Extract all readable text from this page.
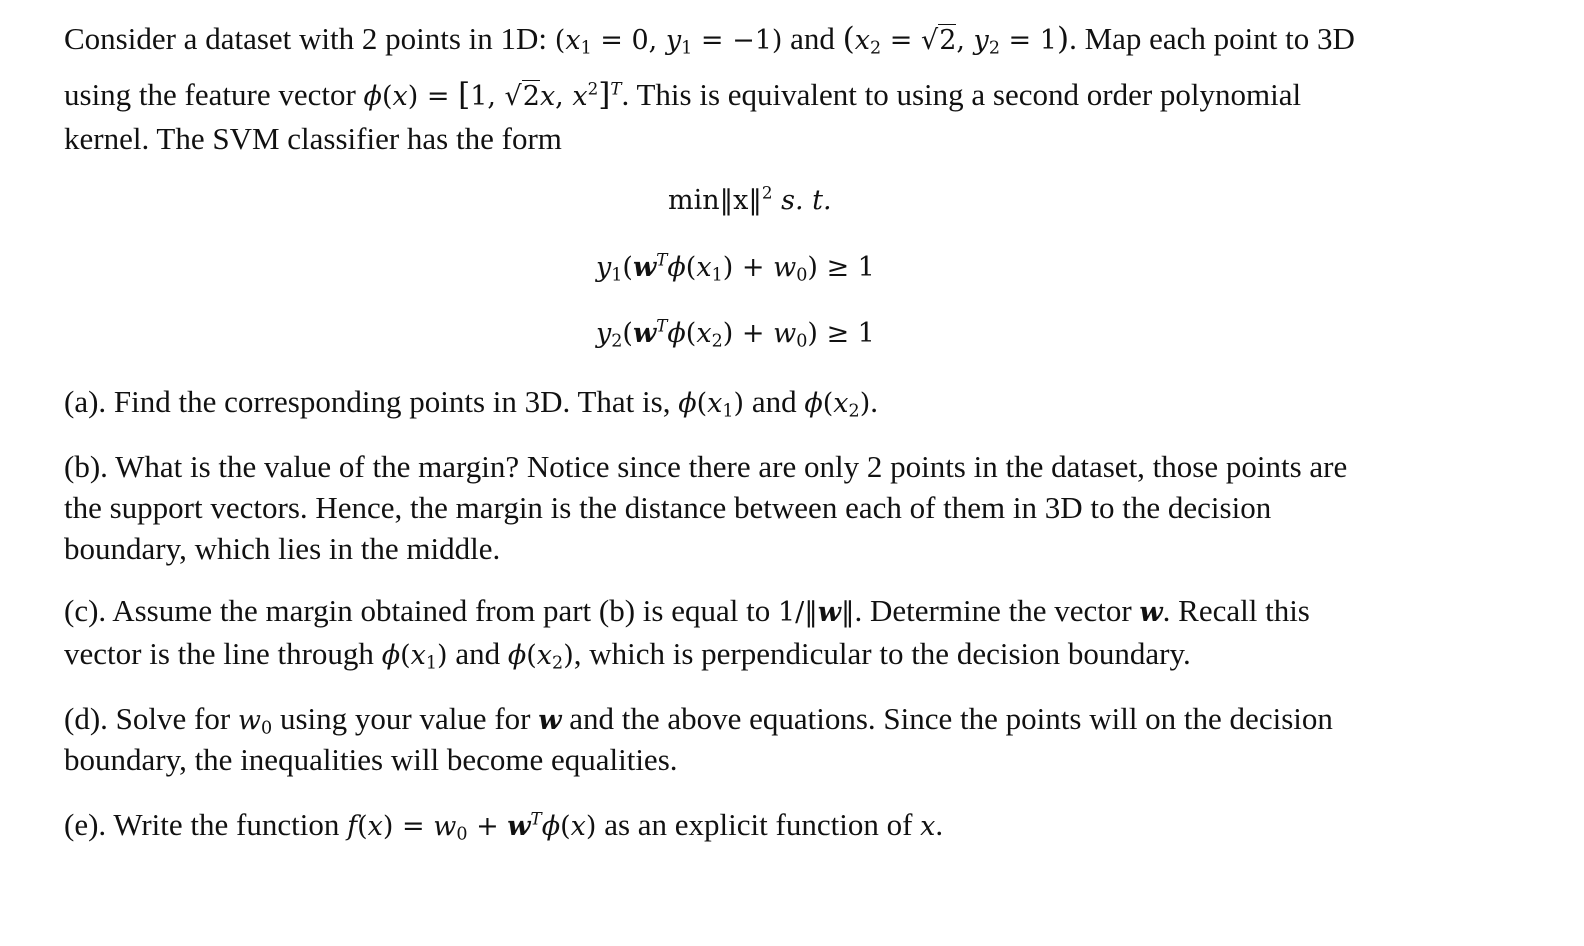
Consider a dataset with 2 points in 1D: ($x_1 = 0$, $y_1 = -1$) and ($x_2 = √2$, $y_2 = 1$). Map each point to 3D
using the feature vector ϕ(x) = [1, √2x, $x^2]^T$. This is equivalent to using a second order polynomial
kernel. The SVM classifier has the form
min‖x‖$^2$ s. t.
$y_1(w^T\phi(x_1) + w_0) \ge 1$
$y_2(w^T\phi(x_2) + w_0) \ge 1$
(a). Find the corresponding points in 3D. That is, $\phi(x_1)$ and $\phi(x_2)$.
(b). What is the value of the margin? Notice since there are only 2 points in the dataset, those points are
the support vectors. Hence, the margin is the distance between each of them in 3D to the decision
boundary, which lies in the middle.
(c). Assume the margin obtained from part (b) is equal to 1/‖w‖. Determine the vector w. Recall this
vector is the line through $\phi(x_1)$ and $\phi(x_2)$, which is perpendicular to the decision boundary.
(d). Solve for $w_0$ using your value for w and the above equations. Since the points will on the decision
boundary, the inequalities will become equalities.
(e). Write the function $f(x) = w_0 + w^T\phi(x)$ as an explicit function of x.
